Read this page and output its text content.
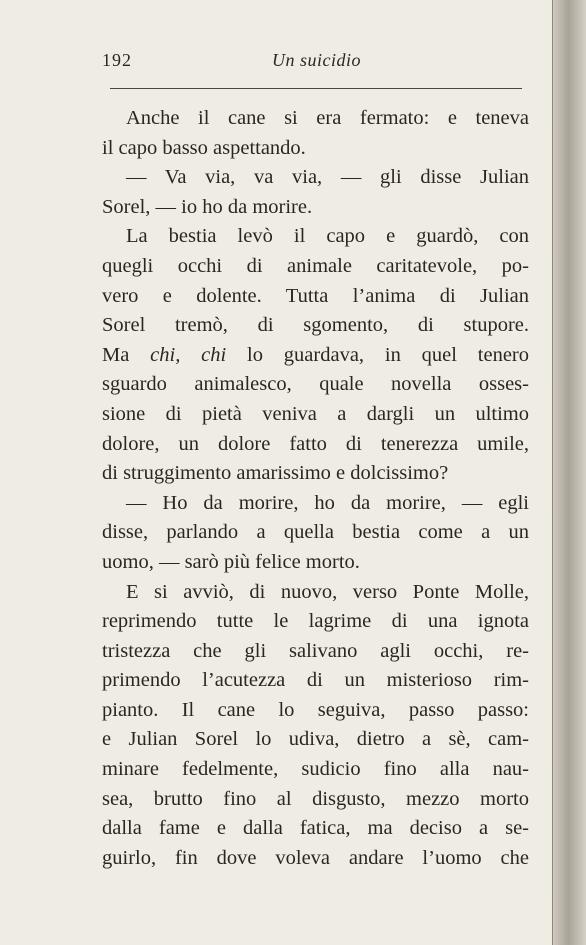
192	Un suicidio
Anche il cane si era fermato: e teneva
il capo basso aspettando.
— Va via, va via, — gli disse Julian
Sorel, — io ho da morire.
La bestia levò il capo e guardò, con
quegli occhi di animale caritatevole, po-
vero e dolente. Tutta l’anima di Julian
Sorel tremò, di sgomento, di stupore.
Ma chi, chi lo guardava, in quel tenero
sguardo animalesco, quale novella osses-
sione di pietà veniva a dargli un ultimo
dolore, un dolore fatto di tenerezza umile,
di struggimento amarissimo e dolcissimo?
— Ho da morire, ho da morire, — egli
disse, parlando a quella bestia come a un
uomo, — sarò più felice morto.
E si avviò, di nuovo, verso Ponte Molle,
reprimendo tutte le lagrime di una ignota
tristezza che gli salivano agli occhi, re-
primendo l’acutezza di un misterioso rim-
pianto. Il cane lo seguiva, passo passo:
e Julian Sorel lo udiva, dietro a sè, cam-
minare fedelmente, sudicio fino alla nau-
sea, brutto fino al disgusto, mezzo morto
dalla fame e dalla fatica, ma deciso a se-
guirlo, fin dove voleva andare l’uomo che
